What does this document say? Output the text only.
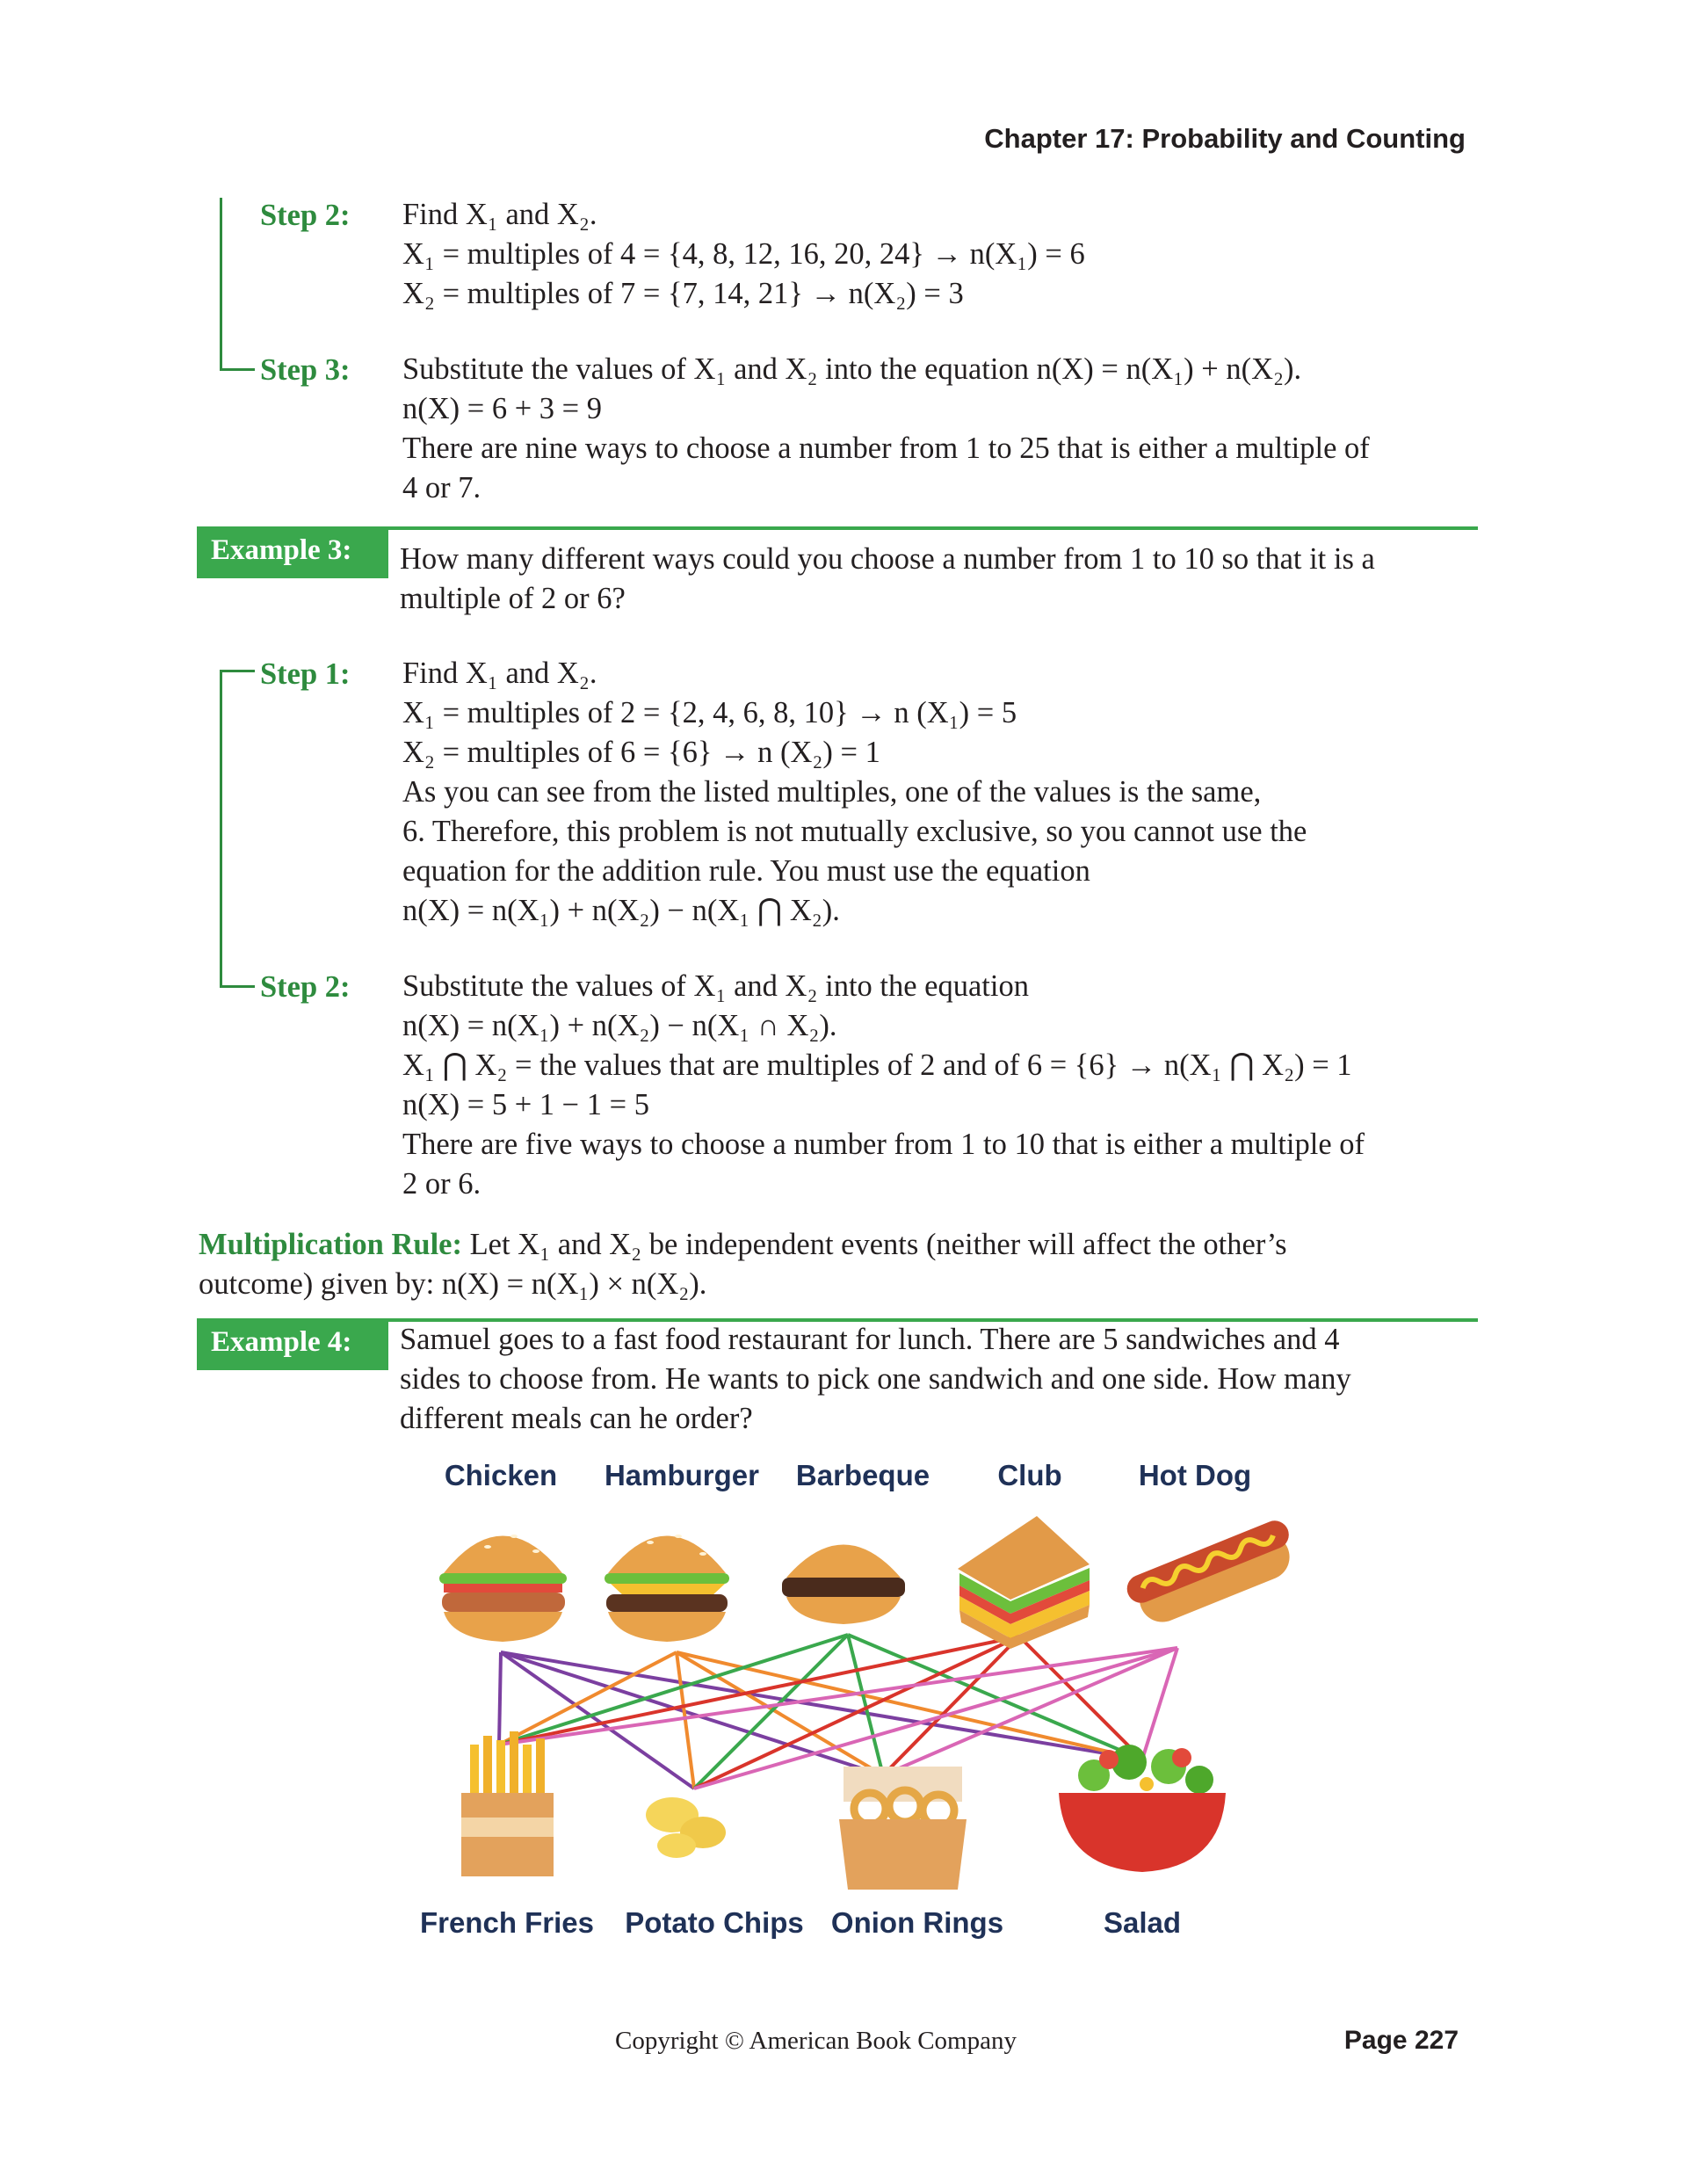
Chapter 17: Probability and Counting
Step 2: Find X₁ and X₂.
X₁ = multiples of 4 = {4, 8, 12, 16, 20, 24} → n(X₁) = 6
X₂ = multiples of 7 = {7, 14, 21} → n(X₂) = 3
Step 3: Substitute the values of X₁ and X₂ into the equation n(X) = n(X₁) + n(X₂).
n(X) = 6 + 3 = 9
There are nine ways to choose a number from 1 to 25 that is either a multiple of
4 or 7.
Example 3:	How many different ways could you choose a number from 1 to 10 so that it is a
multiple of 2 or 6?
Step 1: Find X₁ and X₂.
X₁ = multiples of 2 = {2, 4, 6, 8, 10} → n (X₁) = 5
X₂ = multiples of 6 = {6} → n (X₂) = 1
As you can see from the listed multiples, one of the values is the same,
6. Therefore, this problem is not mutually exclusive, so you cannot use the
equation for the addition rule. You must use the equation
n(X) = n(X₁) + n(X₂) − n(X₁ ⋂ X₂).
Step 2: Substitute the values of X₁ and X₂ into the equation
n(X) = n(X₁) + n(X₂) − n(X₁ ∩ X₂).
X₁ ⋂ X₂ = the values that are multiples of 2 and of 6 = {6} → n(X₁ ⋂ X₂) = 1
n(X) = 5 + 1 − 1 = 5
There are five ways to choose a number from 1 to 10 that is either a multiple of
2 or 6.
Multiplication Rule: Let X₁ and X₂ be independent events (neither will affect the other’s
outcome) given by: n(X) = n(X₁) × n(X₂).
Example 4:	Samuel goes to a fast food restaurant for lunch. There are 5 sandwiches and 4
sides to choose from. He wants to pick one sandwich and one side. How many
different meals can he order?
Chicken	Hamburger	Barbeque	Club	Hot Dog
French Fries	Potato Chips Onion Rings	Salad
Copyright © American Book Company	Page 227
